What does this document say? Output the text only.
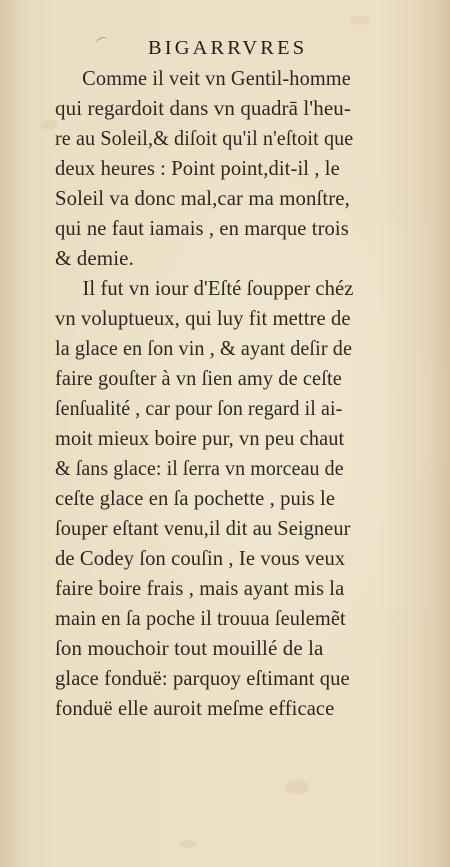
⌒ BIGARRVRES

Comme il veit vn Gentil-homme

qui regardoit dans vn quadrā l'heu-

re au Soleil,& diſoit qu'il n'eſtoit que

deux heures : Point point,dit-il , le

Soleil va donc mal,car ma monſtre,

qui ne faut iamais , en marque trois

& demie.

Il fut vn iour d'Eſté ſoupper chéz

vn voluptueux, qui luy fit mettre de

la glace en ſon vin , & ayant deſir de

faire gouſter à vn ſien amy de ceſte

ſenſualité , car pour ſon regard il ai-

moit mieux boire pur, vn peu chaut

& ſans glace: il ſerra vn morceau de

ceſte glace en ſa pochette , puis le

ſouper eſtant venu,il dit au Seigneur

de Codey ſon couſin , Ie vous veux

faire boire frais , mais ayant mis la

main en ſa poche il trouua ſeulemẽt

ſon mouchoir tout mouillé de la

glace fonduë: parquoy eſtimant que

fonduë elle auroit meſme efficace
